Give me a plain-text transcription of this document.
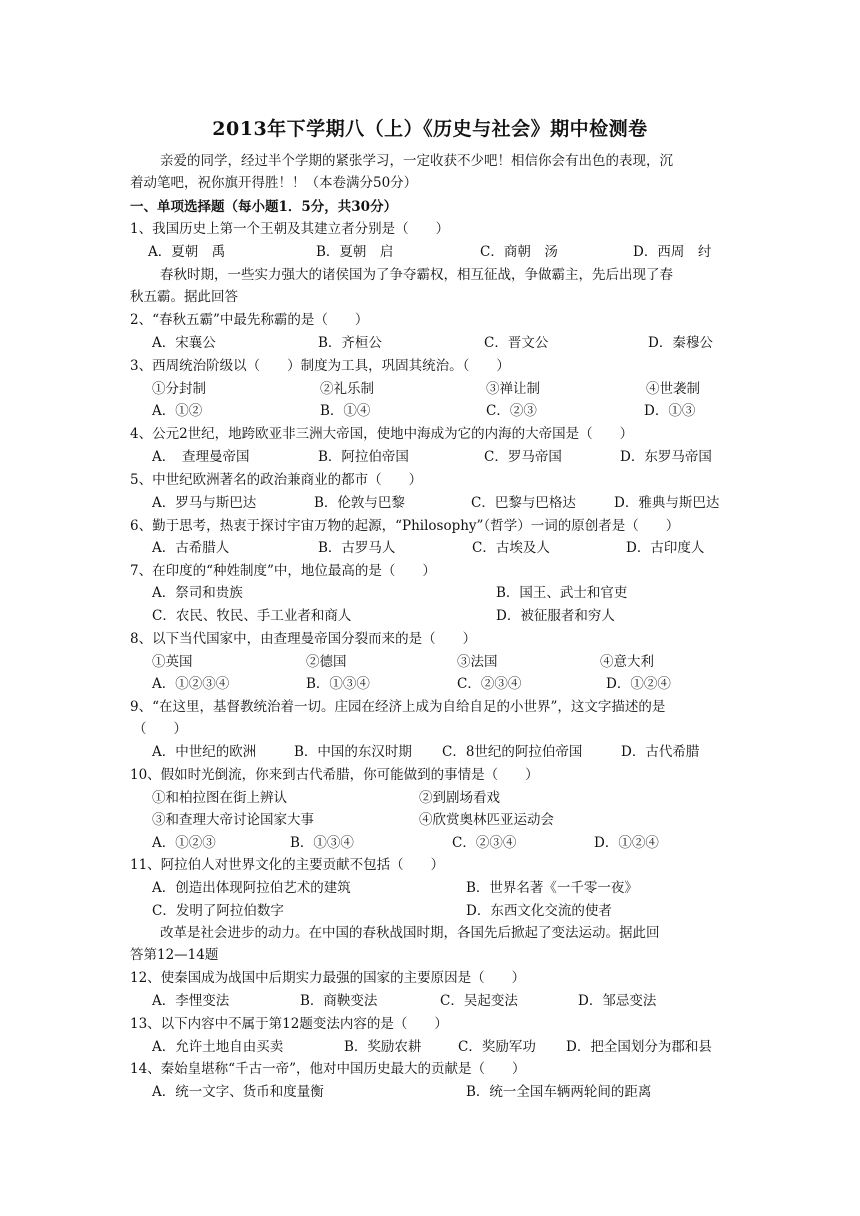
2013年下学期八（上）《历史与社会》期中检测卷
亲爱的同学，经过半个学期的紧张学习，一定收获不少吧！相信你会有出色的表现，沉
着动笔吧，祝你旗开得胜！！（本卷满分50分）
一、单项选择题（每小题1．5分，共30分）
1、我国历史上第一个王朝及其建立者分别是（　　）
A．夏朝　禹	B．夏朝　启	C．商朝　汤	D．西周　纣
春秋时期，一些实力强大的诸侯国为了争夺霸权，相互征战，争做霸主，先后出现了春
秋五霸。据此回答
2、“春秋五霸”中最先称霸的是（　　）
A．宋襄公	B．齐桓公	C．晋文公	D．秦穆公
3、西周统治阶级以（　　）制度为工具，巩固其统治。（　　）
①分封制	②礼乐制	③禅让制	④世袭制
A．①②	B．①④	C．②③	D．①③
4、公元2世纪，地跨欧亚非三洲大帝国，使地中海成为它的内海的大帝国是（　　）
A．　查理曼帝国	B．阿拉伯帝国	C．罗马帝国	D．东罗马帝国
5、中世纪欧洲著名的政治兼商业的都市（　　）
A．罗马与斯巴达	B．伦敦与巴黎	C．巴黎与巴格达	D．雅典与斯巴达
6、勤于思考，热衷于探讨宇宙万物的起源，“Philosophy”（哲学）一词的原创者是（　　）
A．古希腊人	B．古罗马人	C．古埃及人	D．古印度人
7、在印度的“种姓制度”中，地位最高的是（　　）
A．祭司和贵族	B．国王、武士和官吏
C．农民、牧民、手工业者和商人	D．被征服者和穷人
8、以下当代国家中，由查理曼帝国分裂而来的是（　　）
①英国	②德国	③法国	④意大利
A．①②③④	B．①③④	C．②③④	D．①②④
9、“在这里，基督教统治着一切。庄园在经济上成为自给自足的小世界”，这文字描述的是
（　　）
A．中世纪的欧洲	B．中国的东汉时期 C．8世纪的阿拉伯帝国	D．古代希腊
10、假如时光倒流，你来到古代希腊，你可能做到的事情是（　　）
①和柏拉图在街上辨认	②到剧场看戏
③和查理大帝讨论国家大事	④欣赏奥林匹亚运动会
A．①②③	B．①③④	C．②③④	D．①②④
11、阿拉伯人对世界文化的主要贡献不包括（　　）
A．创造出体现阿拉伯艺术的建筑	B．世界名著《一千零一夜》
C．发明了阿拉伯数字	D．东西文化交流的使者
改革是社会进步的动力。在中国的春秋战国时期，各国先后掀起了变法运动。据此回
答第12—14题
12、使秦国成为战国中后期实力最强的国家的主要原因是（　　）
A．李悝变法	B．商鞅变法	C．吴起变法	D．邹忌变法
13、以下内容中不属于第12题变法内容的是（　　）
A．允许土地自由买卖	B．奖励农耕	C．奖励军功 D．把全国划分为郡和县
14、秦始皇堪称“千古一帝”，他对中国历史最大的贡献是（　　）
A．统一文字、货币和度量衡	B．统一全国车辆两轮间的距离
